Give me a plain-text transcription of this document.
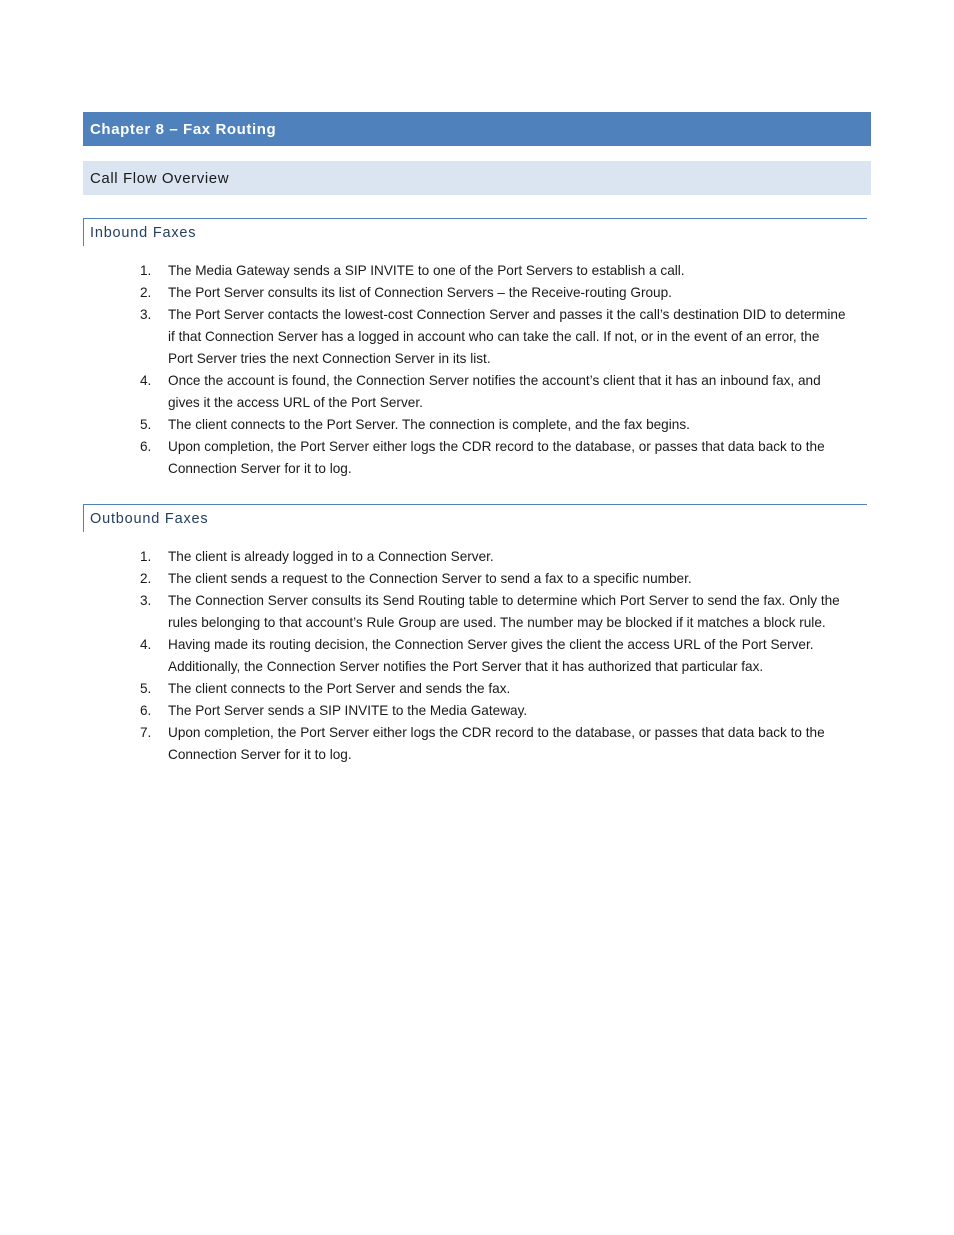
Chapter 8 – Fax Routing
Call Flow Overview
Inbound Faxes
1.	The Media Gateway sends a SIP INVITE to one of the Port Servers to establish a call.
2.	The Port Server consults its list of Connection Servers – the Receive-routing Group.
3.	The Port Server contacts the lowest-cost Connection Server and passes it the call’s destination DID to determine if that Connection Server has a logged in account who can take the call. If not, or in the event of an error, the Port Server tries the next Connection Server in its list.
4.	Once the account is found, the Connection Server notifies the account’s client that it has an inbound fax, and gives it the access URL of the Port Server.
5.	The client connects to the Port Server. The connection is complete, and the fax begins.
6.	Upon completion, the Port Server either logs the CDR record to the database, or passes that data back to the Connection Server for it to log.
Outbound Faxes
1.	The client is already logged in to a Connection Server.
2.	The client sends a request to the Connection Server to send a fax to a specific number.
3.	The Connection Server consults its Send Routing table to determine which Port Server to send the fax. Only the rules belonging to that account’s Rule Group are used. The number may be blocked if it matches a block rule.
4.	Having made its routing decision, the Connection Server gives the client the access URL of the Port Server. Additionally, the Connection Server notifies the Port Server that it has authorized that particular fax.
5.	The client connects to the Port Server and sends the fax.
6.	The Port Server sends a SIP INVITE to the Media Gateway.
7.	Upon completion, the Port Server either logs the CDR record to the database, or passes that data back to the Connection Server for it to log.
